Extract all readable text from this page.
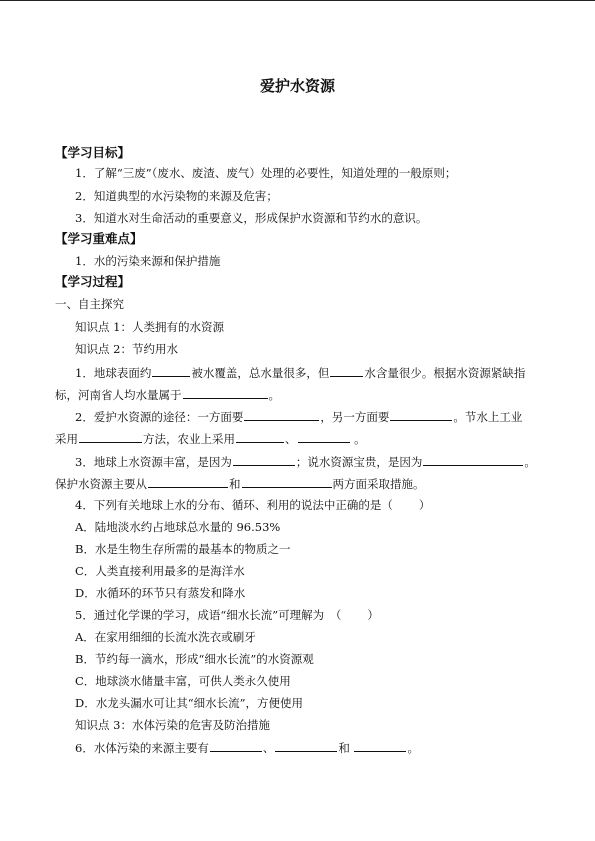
爱护水资源
【学习目标】
1．了解“三废”（废水、废渣、废气）处理的必要性，知道处理的一般原则；
2．知道典型的水污染物的来源及危害；
3．知道水对生命活动的重要意义，形成保护水资源和节约水的意识。
【学习重难点】
1．水的污染来源和保护措施
【学习过程】
一、自主探究
知识点 1：人类拥有的水资源
知识点 2：节约用水
1．地球表面约	被水覆盖，总水量很多，但	水含量很少。根据水资源紧缺指
标，河南省人均水量属于	。
2．爱护水资源的途径：一方面要	，另一方面要	。节水上工业
采用	方法，农业上采用	、	。
3．地球上水资源丰富，是因为	；说水资源宝贵，是因为	。
保护水资源主要从	和	两方面采取措施。
4．下列有关地球上水的分布、循环、利用的说法中正确的是（ ）
A．陆地淡水约占地球总水量的 96.53%
B．水是生物生存所需的最基本的物质之一
C．人类直接利用最多的是海洋水
D．水循环的环节只有蒸发和降水
5．通过化学课的学习，成语“细水长流”可理解为　（ ）
A．在家用细细的长流水洗衣或刷牙
B．节约每一滴水，形成“细水长流”的水资源观
C．地球淡水储量丰富，可供人类永久使用
D．水龙头漏水可让其“细水长流”，方便使用
知识点 3：水体污染的危害及防治措施
6．水体污染的来源主要有	、	和	。
